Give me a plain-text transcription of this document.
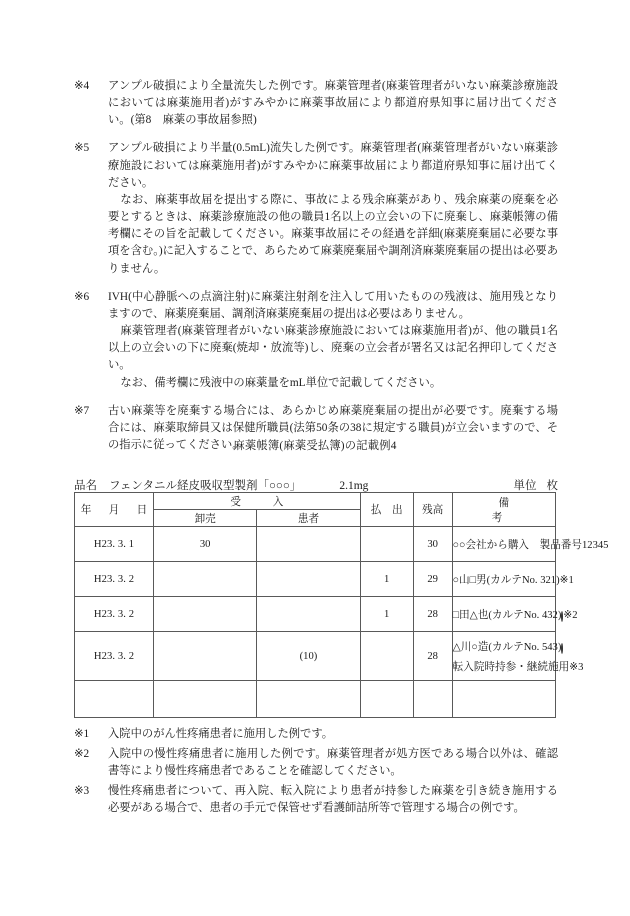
※4	アンプル破損により全量流失した例です。麻薬管理者(麻薬管理者がいない麻薬診療施設においては麻薬施用者)がすみやかに麻薬事故届により都道府県知事に届け出てください。(第8　麻薬の事故届参照)

※5	アンプル破損により半量(0.5mL)流失した例です。麻薬管理者(麻薬管理者がいない麻薬診療施設においては麻薬施用者)がすみやかに麻薬事故届により都道府県知事に届け出てください。

なお、麻薬事故届を提出する際に、事故による残余麻薬があり、残余麻薬の廃棄を必要とするときは、麻薬診療施設の他の職員1名以上の立会いの下に廃棄し、麻薬帳簿の備考欄にその旨を記載してください。麻薬事故届にその経過を詳細(麻薬廃棄届に必要な事項を含む。)に記入することで、あらためて麻薬廃棄届や調剤済麻薬廃棄届の提出は必要ありません。

※6	IVH(中心静脈への点滴注射)に麻薬注射剤を注入して用いたものの残液は、施用残となりますので、麻薬廃棄届、調剤済麻薬廃棄届の提出は必要はありません。

麻薬管理者(麻薬管理者がいない麻薬診療施設においては麻薬施用者)が、他の職員1名以上の立会いの下に廃棄(焼却・放流等)し、廃棄の立会者が署名又は記名押印してください。

なお、備考欄に残液中の麻薬量をmL単位で記載してください。

※7	古い麻薬等を廃棄する場合には、あらかじめ麻薬廃棄届の提出が必要です。廃棄する場合には、麻薬取締員又は保健所職員(法第50条の38に規定する職員)が立会いますので、その指示に従ってください。

麻薬帳簿(麻薬受払簿)の記載例4
品名 フェンタニル経皮吸収型製剤「○○○」	2.1mg	単位 枚
年　月　日	受　　　入		払　出	残高	備　　考
	卸売	患者			
H23. 3. 1	30			30	○○会社から購入　製品番号12345

H23. 3. 2			1	29	○山□男(カルテNo. 321) ※1

H23. 3. 2			1	28	□田△也(カルテNo. 432) ※2

H23. 3. 2		(10)		28	△川○造(カルテNo. 543)
転入院時持参・継続施用 ※3

※1	入院中のがん性疼痛患者に施用した例です。

※2	入院中の慢性疼痛患者に施用した例です。麻薬管理者が処方医である場合以外は、確認書等により慢性疼痛患者であることを確認してください。

※3	慢性疼痛患者について、再入院、転入院により患者が持参した麻薬を引き続き施用する必要がある場合で、患者の手元で保管せず看護師詰所等で管理する場合の例です。
